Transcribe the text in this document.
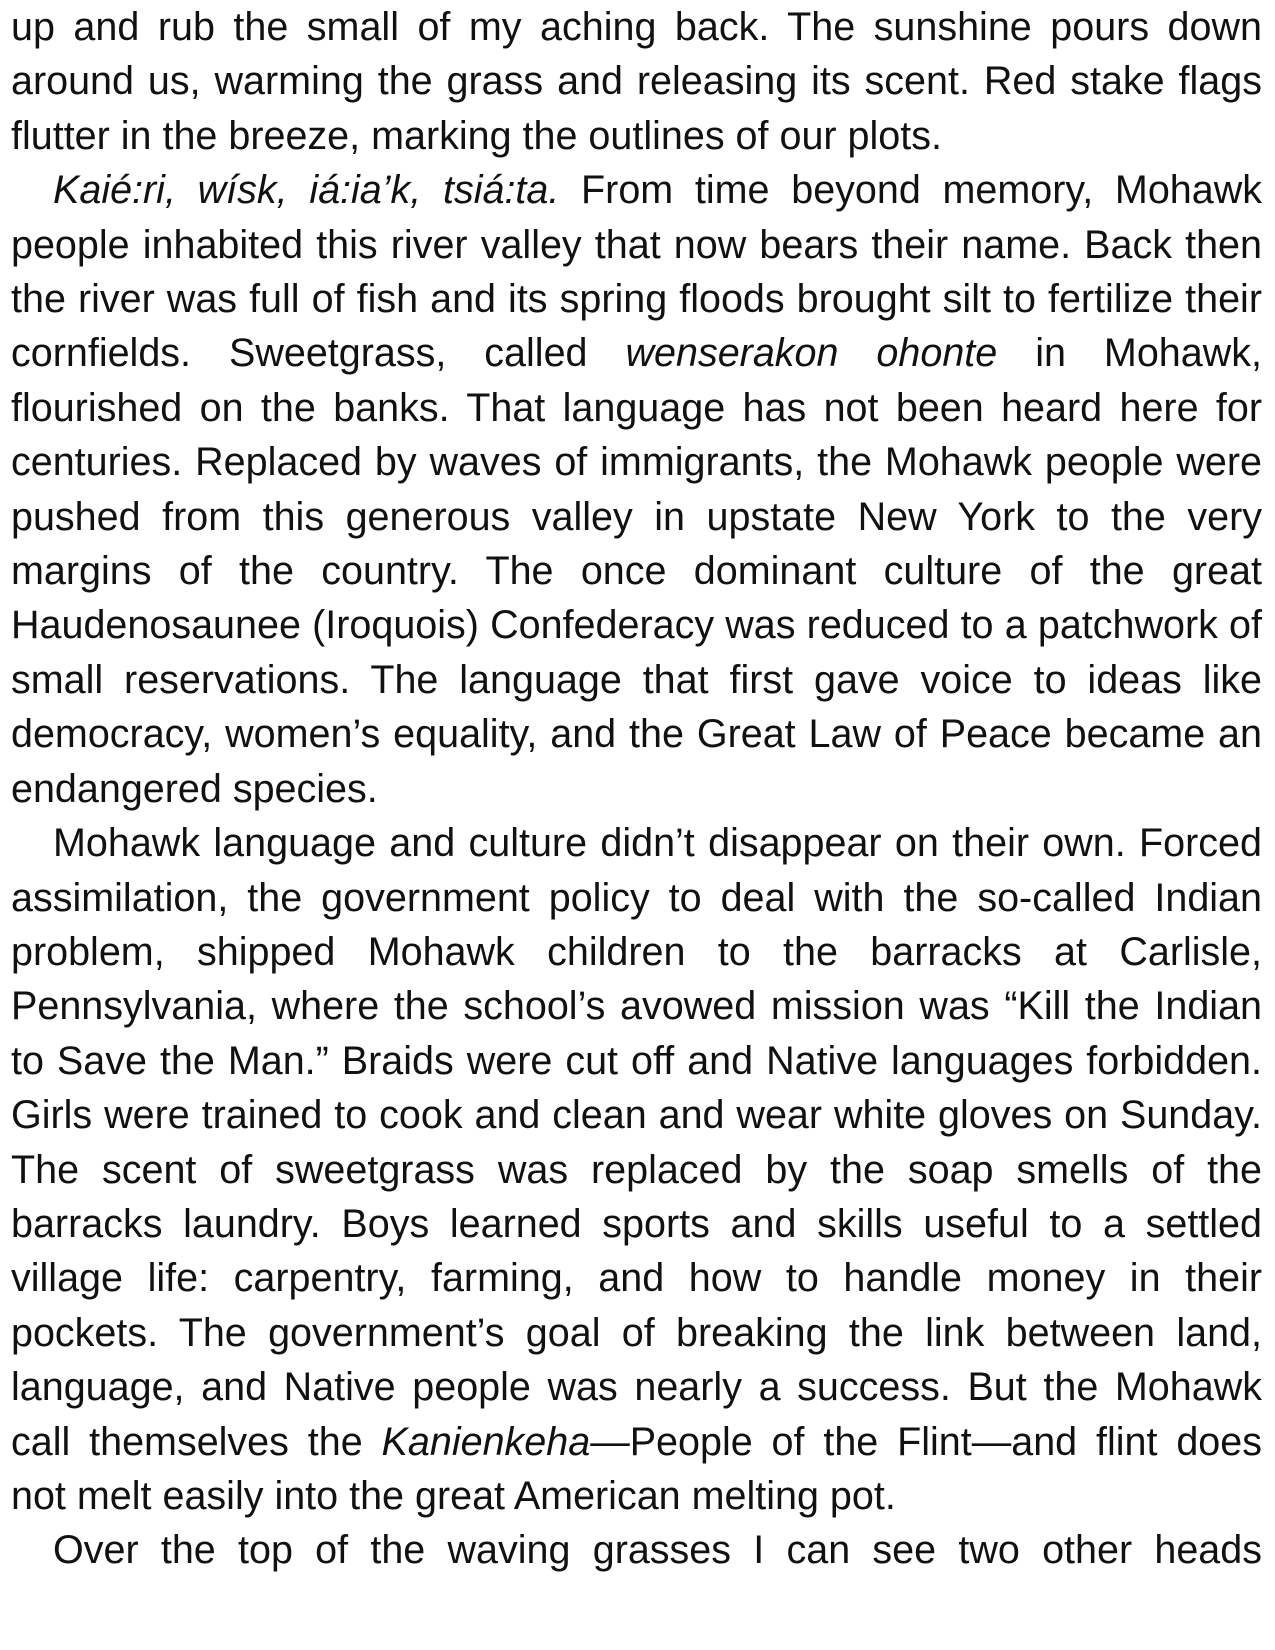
up and rub the small of my aching back. The sunshine pours down around us, warming the grass and releasing its scent. Red stake flags flutter in the breeze, marking the outlines of our plots.

Kaié:ri, wísk, iá:ia’k, tsiá:ta. From time beyond memory, Mohawk people inhabited this river valley that now bears their name. Back then the river was full of fish and its spring floods brought silt to fertilize their cornfields. Sweetgrass, called wenserakon ohonte in Mohawk, flourished on the banks. That language has not been heard here for centuries. Replaced by waves of immigrants, the Mohawk people were pushed from this generous valley in upstate New York to the very margins of the country. The once dominant culture of the great Haudenosaunee (Iroquois) Confederacy was reduced to a patchwork of small reservations. The language that first gave voice to ideas like democracy, women’s equality, and the Great Law of Peace became an endangered species.

Mohawk language and culture didn’t disappear on their own. Forced assimilation, the government policy to deal with the so-called Indian problem, shipped Mohawk children to the barracks at Carlisle, Pennsylvania, where the school’s avowed mission was “Kill the Indian to Save the Man.” Braids were cut off and Native languages forbidden. Girls were trained to cook and clean and wear white gloves on Sunday. The scent of sweetgrass was replaced by the soap smells of the barracks laundry. Boys learned sports and skills useful to a settled village life: carpentry, farming, and how to handle money in their pockets. The government’s goal of breaking the link between land, language, and Native people was nearly a success. But the Mohawk call themselves the Kanienkeha—People of the Flint—and flint does not melt easily into the great American melting pot.

Over the top of the waving grasses I can see two other heads
